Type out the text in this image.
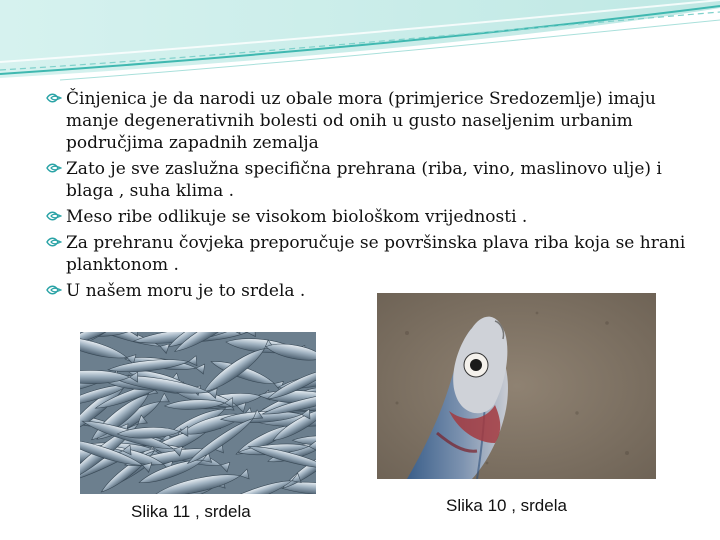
Činjenica je da narodi uz obale mora (primjerice Sredozemlje) imaju manje degenerativnih bolesti od onih u gusto naseljenim urbanim područjima zapadnih zemalja
Zato je sve zaslužna specifična prehrana (riba, vino, maslinovo ulje) i blaga , suha klima .
Meso ribe odlikuje se visokom biološkom vrijednosti .
Za prehranu čovjeka preporučuje se površinska plava riba koja se hrani planktonom .
U našem moru je to srdela .
Slika 11 , srdela	Slika 10 , srdela
